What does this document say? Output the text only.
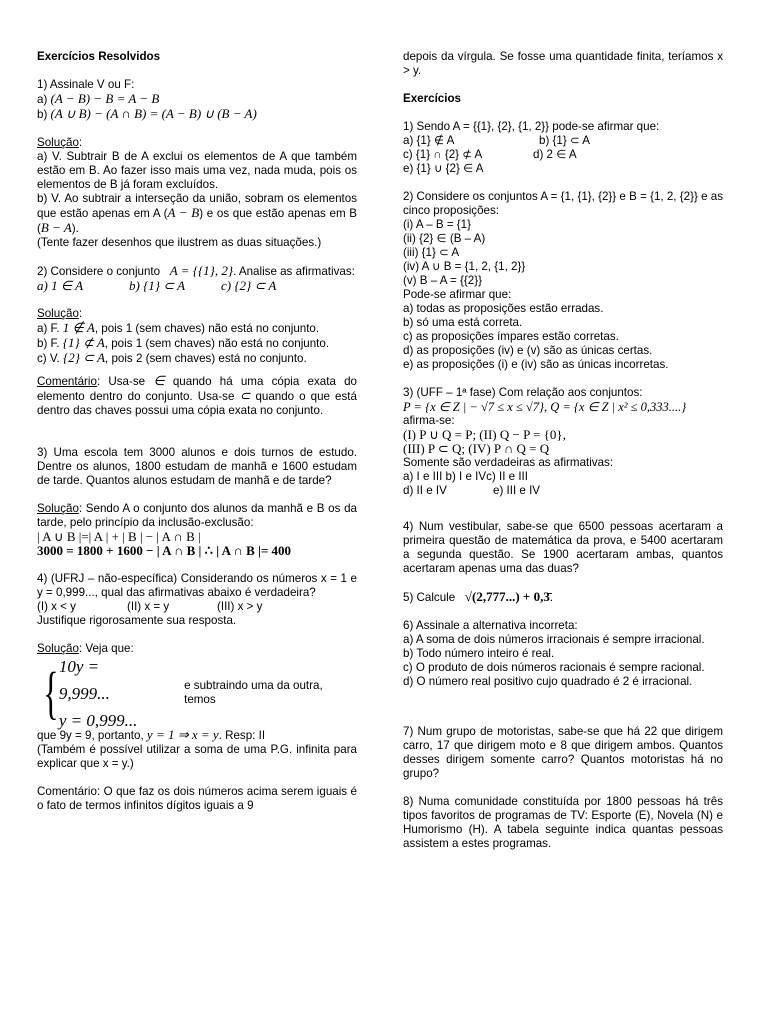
Exercícios Resolvidos

1) Assinale V ou F:

a) (A − B) − B = A − B

b) (A ∪ B) − (A ∩ B) = (A − B) ∪ (B − A)

Solução:

a) V. Subtrair B de A exclui os elementos de A que também estão em B. Ao fazer isso mais uma vez, nada muda, pois os elementos de B já foram excluídos.

b) V. Ao subtrair a interseção da união, sobram os elementos que estão apenas em A (A − B) e os que estão apenas em B (B − A).

(Tente fazer desenhos que ilustrem as duas situações.)

2) Considere o conjunto A = {{1}, 2}. Analise as afirmativas:

a) 1 ∈ A	b) {1} ⊂ A	c) {2} ⊂ A

Solução:

a) F. 1 ∉ A, pois 1 (sem chaves) não está no conjunto.

b) F. {1} ⊄ A, pois 1 (sem chaves) não está no conjunto.

c) V. {2} ⊂ A, pois 2 (sem chaves) está no conjunto.

Comentário: Usa-se ∈ quando há uma cópia exata do elemento dentro do conjunto. Usa-se ⊂ quando o que está dentro das chaves possui uma cópia exata no conjunto.

3) Uma escola tem 3000 alunos e dois turnos de estudo. Dentre os alunos, 1800 estudam de manhã e 1600 estudam de tarde. Quantos alunos estudam de manhã e de tarde?

Solução: Sendo A o conjunto dos alunos da manhã e B os da tarde, pelo princípio da inclusão-exclusão:

| A ∪ B |=| A | + | B | − | A ∩ B |

3000 = 1800 + 1600 − | A ∩ B | ∴ | A ∩ B |= 400

4) (UFRJ – não-específica) Considerando os números x = 1 e y = 0,999..., qual das afirmativas abaixo é verdadeira?

(I) x < y	(II) x = y	(III) x > y

Justifique rigorosamente sua resposta.

Solução: Veja que:

{ 10y = 9,999...
y = 0,999...
e subtraindo uma da outra, temos

que 9y = 9, portanto, y = 1 ⇒ x = y. Resp: II

(Também é possível utilizar a soma de uma P.G. infinita para explicar que x = y.)

Comentário: O que faz os dois números acima serem iguais é o fato de termos infinitos dígitos iguais a 9

depois da vírgula. Se fosse uma quantidade finita, teríamos x > y.

Exercícios

1) Sendo A = {{1}, {2}, {1, 2}} pode-se afirmar que:

a) {1} ∉ A	b) {1} ⊂ A
c) {1} ∩ {2} ⊄ A	d) 2 ∈ A

e) {1} ∪ {2} ∈ A

2) Considere os conjuntos A = {1, {1}, {2}} e B = {1, 2, {2}} e as cinco proposições:

(i) A – B = {1}

(ii) {2} ∈ (B – A)

(iii) {1} ⊂ A

(iv) A ∪ B = {1, 2, {1, 2}}

(v) B – A = {{2}}

Pode-se afirmar que:

a) todas as proposições estão erradas.

b) só uma está correta.

c) as proposições ímpares estão corretas.

d) as proposições (iv) e (v) são as únicas certas.

e) as proposições (i) e (iv) são as únicas incorretas.

3) (UFF – 1ª fase) Com relação aos conjuntos:

P = {x ∈ Z | − √7 ≤ x ≤ √7}, Q = {x ∈ Z | x² ≤ 0,333....}

afirma-se:

(I) P ∪ Q = P; (II) Q − P = {0},

(III) P ⊂ Q; (IV) P ∩ Q = Q

Somente são verdadeiras as afirmativas:

a) I e III b) I e IVc) II e III

d) II e IV	e) III e IV

4) Num vestibular, sabe-se que 6500 pessoas acertaram a primeira questão de matemática da prova, e 5400 acertaram a segunda questão. Se 1900 acertaram ambas, quantos acertaram apenas uma das duas?

5) Calcule √(2,777...) + 0,3̄.

6) Assinale a alternativa incorreta:

a) A soma de dois números irracionais é sempre irracional.

b) Todo número inteiro é real.

c) O produto de dois números racionais é sempre racional.

d) O número real positivo cujo quadrado é 2 é irracional.

7) Num grupo de motoristas, sabe-se que há 22 que dirigem carro, 17 que dirigem moto e 8 que dirigem ambos. Quantos desses dirigem somente carro? Quantos motoristas há no grupo?

8) Numa comunidade constituída por 1800 pessoas há três tipos favoritos de programas de TV: Esporte (E), Novela (N) e Humorismo (H). A tabela seguinte indica quantas pessoas assistem a estes programas.
